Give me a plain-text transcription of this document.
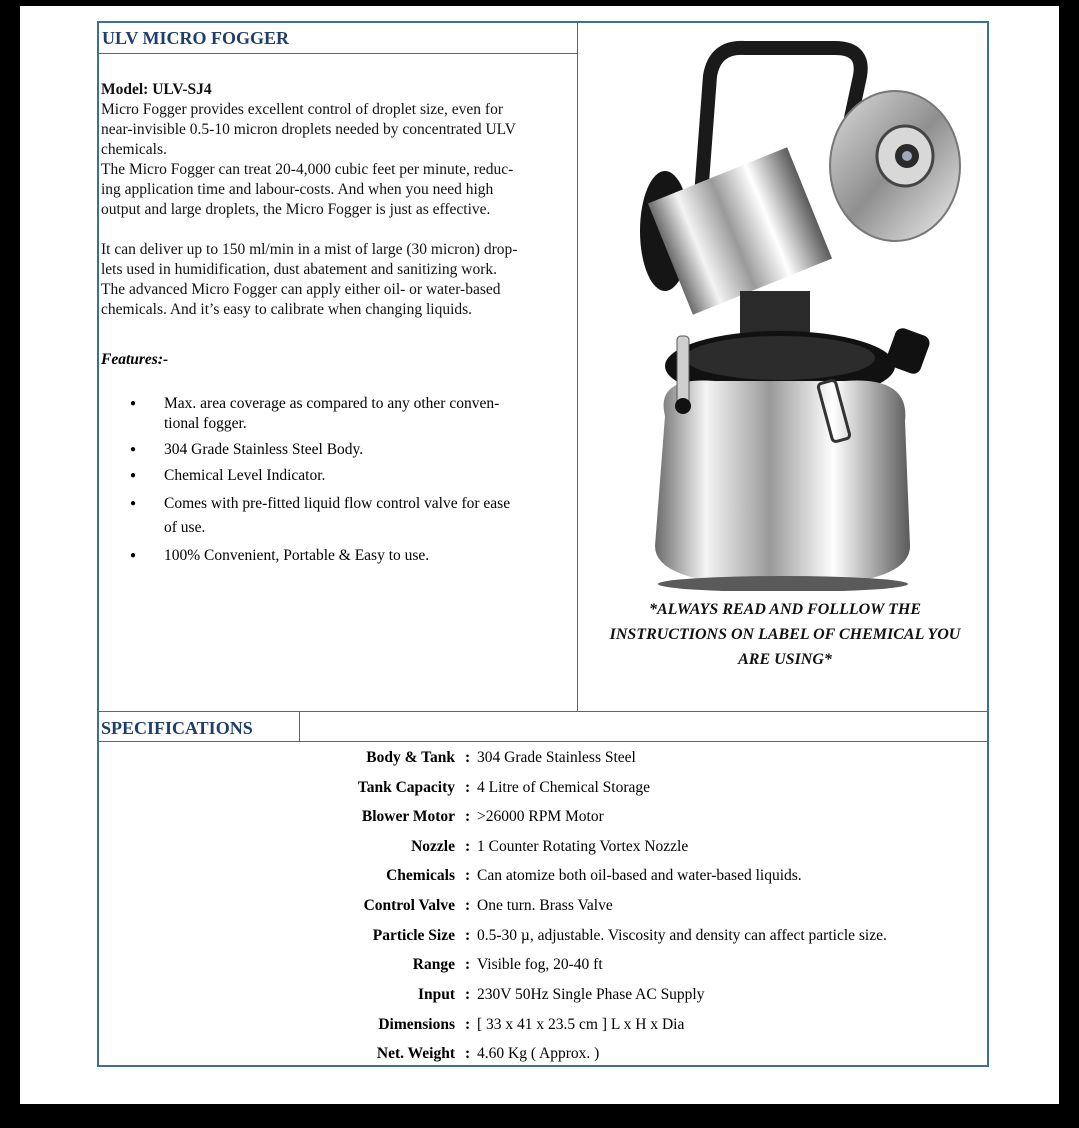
ULV MICRO FOGGER

Model: ULV-SJ4

Micro Fogger provides excellent control of droplet size, even for

near-invisible 0.5-10 micron droplets needed by concentrated ULV

chemicals.

The Micro Fogger can treat 20-4,000 cubic feet per minute, reduc-

ing application time and labour-costs. And when you need high

output and large droplets, the Micro Fogger is just as effective.

It can deliver up to 150 ml/min in a mist of large (30 micron) drop-

lets used in humidification, dust abatement and sanitizing work.

The advanced Micro Fogger can apply either oil- or water-based

chemicals. And it’s easy to calibrate when changing liquids.

Features:-
● Max. area coverage as compared to any other conven-
tional fogger.
● 304 Grade Stainless Steel Body.
● Chemical Level Indicator.
● Comes with pre-fitted liquid flow control valve for ease
of use.
● 100% Convenient, Portable & Easy to use.
*ALWAYS READ AND FOLLLOW THE
INSTRUCTIONS ON LABEL OF CHEMICAL YOU
ARE USING*
SPECIFICATIONS
Body & Tank : 304 Grade Stainless Steel
Tank Capacity : 4 Litre of Chemical Storage
Blower Motor : >26000 RPM Motor
Nozzle : 1 Counter Rotating Vortex Nozzle
Chemicals : Can atomize both oil-based and water-based liquids.
Control Valve : One turn. Brass Valve
Particle Size : 0.5-30 µ, adjustable. Viscosity and density can affect particle size.
Range : Visible fog, 20-40 ft
Input : 230V 50Hz Single Phase AC Supply
Dimensions : [ 33 x 41 x 23.5 cm ] L x H x Dia
Net. Weight : 4.60 Kg ( Approx. )
